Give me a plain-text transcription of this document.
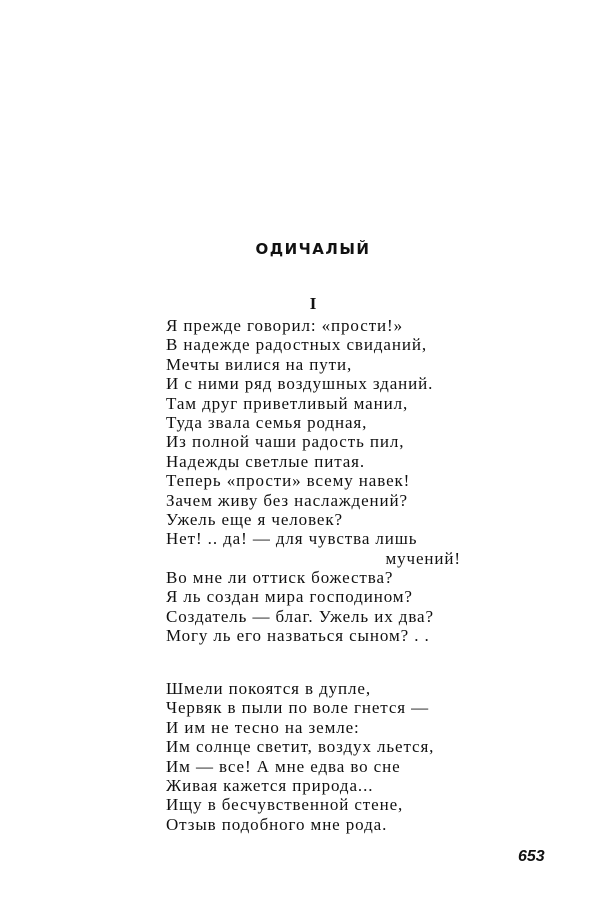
ОДИЧАЛЫЙ
I
Я прежде говорил: «прости!»
В надежде радостных свиданий,
Мечты вилися на пути,
И с ними ряд воздушных зданий.
Там друг приветливый манил,
Туда звала семья родная,
Из полной чаши радость пил,
Надежды светлые питая.
Теперь «прости» всему навек!
Зачем живу без наслаждений?
Ужель еще я человек?
Нет! .. да! — для чувства лишь
мучений!
Во мне ли оттиск божества?
Я ль создан мира господином?
Создатель — благ. Ужель их два?
Могу ль его назваться сыном? . .
Шмели покоятся в дупле,
Червяк в пыли по воле гнется —
И им не тесно на земле:
Им солнце светит, воздух льется,
Им — все! А мне едва во сне
Живая кажется природа...
Ищу в бесчувственной стене,
Отзыв подобного мне рода.
653
